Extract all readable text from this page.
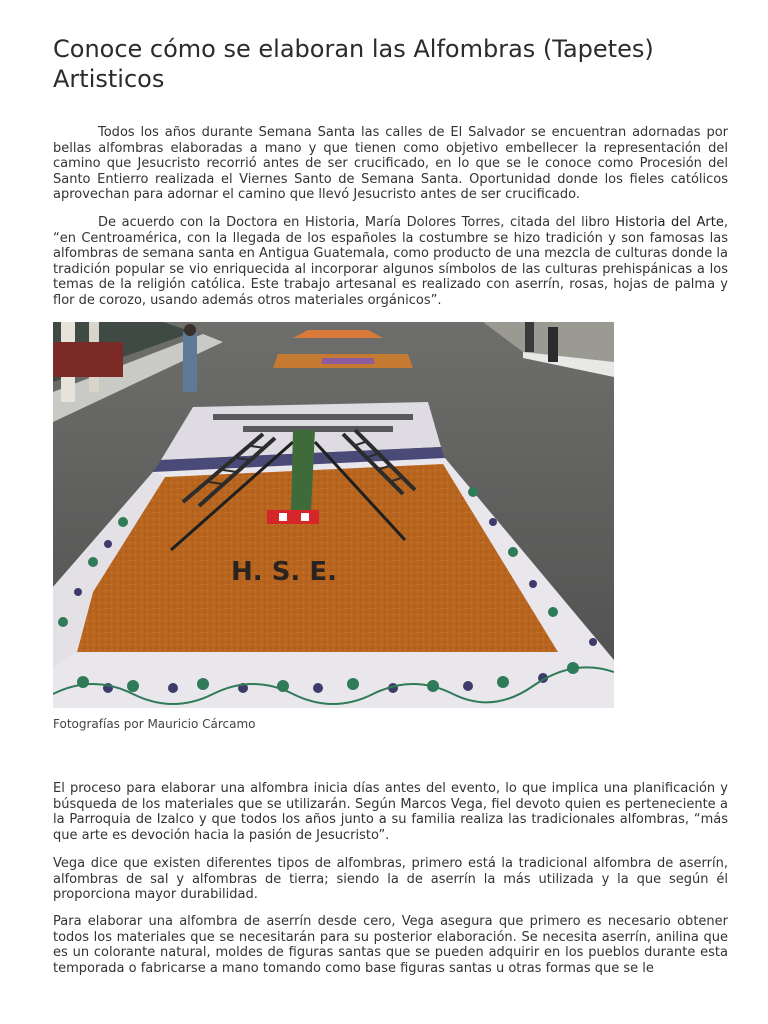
Conoce cómo se elaboran las Alfombras (Tapetes) Artisticos

Todos los años durante Semana Santa las calles de El Salvador se encuentran adornadas por bellas alfombras elaboradas a mano y que tienen como objetivo embellecer la representación del camino que Jesucristo recorrió antes de ser crucificado, en lo que se le conoce como Procesión del Santo Entierro realizada el Viernes Santo de Semana Santa. Oportunidad donde los fieles católicos aprovechan para adornar el camino que llevó Jesucristo antes de ser crucificado.

De acuerdo con la Doctora en Historia, María Dolores Torres, citada del libro Historia del Arte, “en Centroamérica, con la llegada de los españoles la costumbre se hizo tradición y son famosas las alfombras de semana santa en Antigua Guatemala, como producto de una mezcla de culturas donde la tradición popular se vio enriquecida al incorporar algunos símbolos de las culturas prehispánicas a los temas de la religión católica. Este trabajo artesanal es realizado con aserrín, rosas, hojas de palma y flor de corozo, usando además otros materiales orgánicos”.

H. S. E.

Fotografías por Mauricio Cárcamo

El proceso para elaborar una alfombra inicia días antes del evento, lo que implica una planificación y búsqueda de los materiales que se utilizarán. Según Marcos Vega, fiel devoto quien es perteneciente a la Parroquia de Izalco y que todos los años junto a su familia realiza las tradicionales alfombras, “más que arte es devoción hacia la pasión de Jesucristo”.

Vega dice que existen diferentes tipos de alfombras, primero está la tradicional alfombra de aserrín, alfombras de sal y alfombras de tierra; siendo la de aserrín la más utilizada y la que según él proporciona mayor durabilidad.

Para elaborar una alfombra de aserrín desde cero, Vega asegura que primero es necesario obtener todos los materiales que se necesitarán para su posterior elaboración. Se necesita aserrín, anilina que es un colorante natural, moldes de figuras santas que se pueden adquirir en los pueblos durante esta temporada o fabricarse a mano tomando como base figuras santas u otras formas que se le
